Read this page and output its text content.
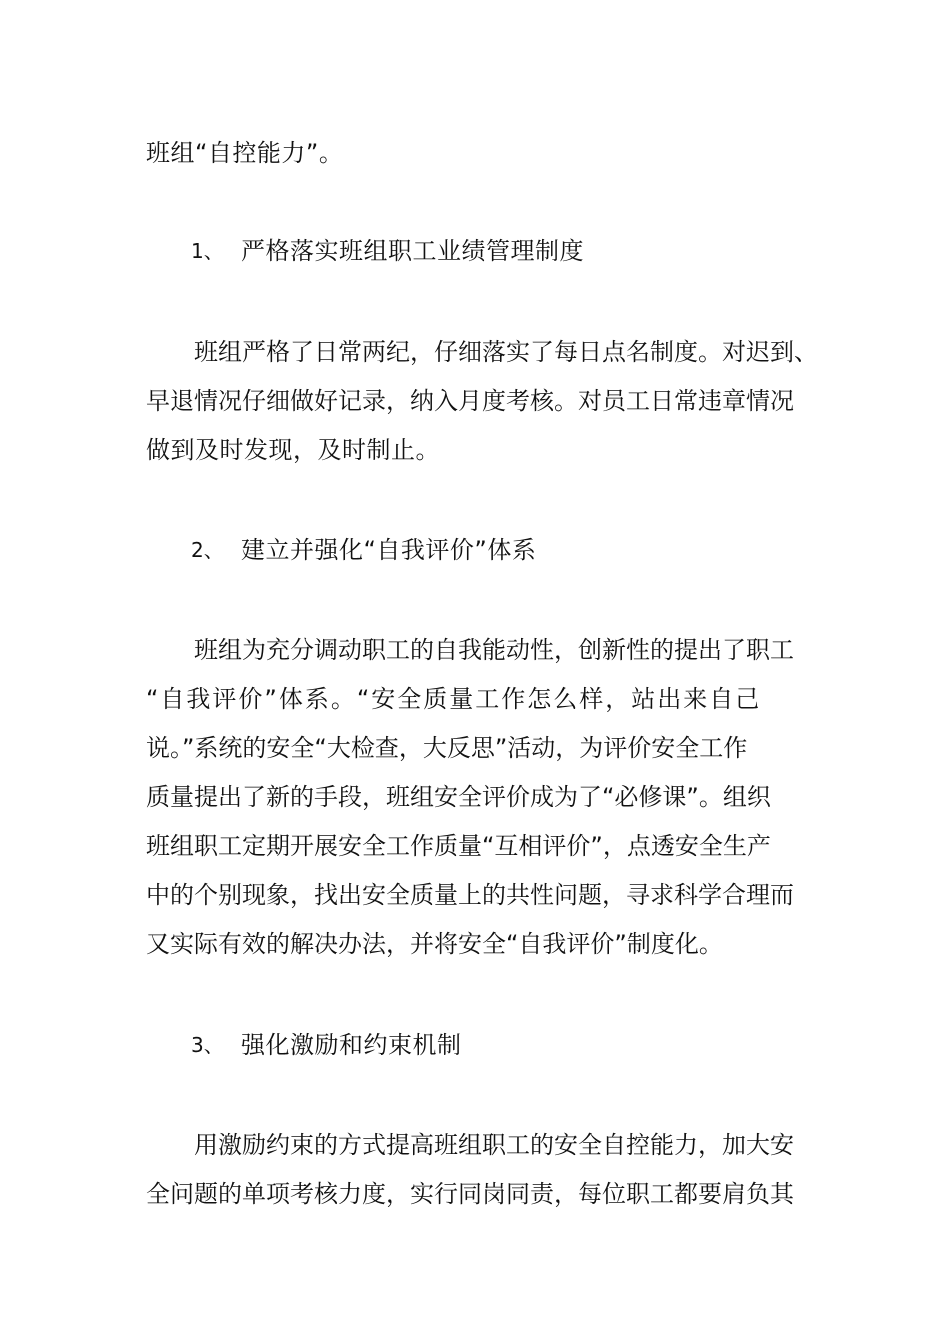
班组“自控能力”。
1、 严格落实班组职工业绩管理制度
班组严格了日常两纪，仔细落实了每日点名制度。对迟到、
早退情况仔细做好记录，纳入月度考核。对员工日常违章情况
做到及时发现，及时制止。
2、 建立并强化“自我评价”体系
班组为充分调动职工的自我能动性，创新性的提出了职工
“自我评价”体系。“安全质量工作怎么样，站出来自己
说。”系统的安全“大检查，大反思”活动，为评价安全工作
质量提出了新的手段，班组安全评价成为了“必修课”。组织
班组职工定期开展安全工作质量“互相评价”，点透安全生产
中的个别现象，找出安全质量上的共性问题，寻求科学合理而
又实际有效的解决办法，并将安全“自我评价”制度化。
3、 强化激励和约束机制
用激励约束的方式提高班组职工的安全自控能力，加大安
全问题的单项考核力度，实行同岗同责，每位职工都要肩负其
